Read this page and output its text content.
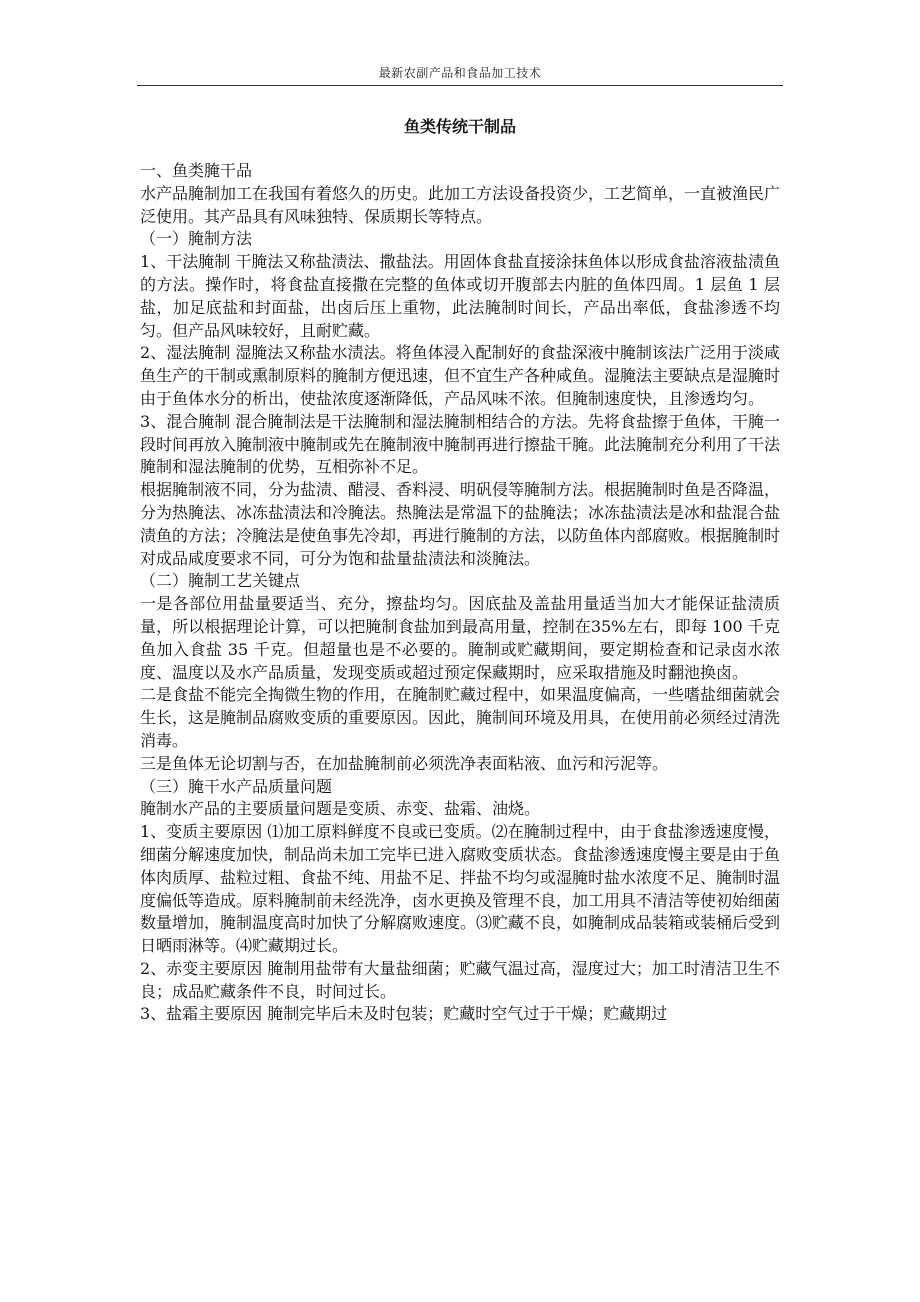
最新农副产品和食品加工技术
鱼类传统干制品

一、鱼类腌干品

水产品腌制加工在我国有着悠久的历史。此加工方法设备投资少，工艺简单，一直被渔民广泛使用。其产品具有风味独特、保质期长等特点。

（一）腌制方法

1、干法腌制 干腌法又称盐渍法、撒盐法。用固体食盐直接涂抹鱼体以形成食盐溶液盐渍鱼的方法。操作时，将食盐直接撒在完整的鱼体或切开腹部去内脏的鱼体四周。1 层鱼 1 层盐，加足底盐和封面盐，出卤后压上重物，此法腌制时间长，产品出率低，食盐渗透不均匀。但产品风味较好，且耐贮藏。

2、湿法腌制 湿腌法又称盐水渍法。将鱼体浸入配制好的食盐深液中腌制该法广泛用于淡咸鱼生产的干制或熏制原料的腌制方便迅速，但不宜生产各种咸鱼。湿腌法主要缺点是湿腌时由于鱼体水分的析出，使盐浓度逐渐降低，产品风味不浓。但腌制速度快，且渗透均匀。

3、混合腌制 混合腌制法是干法腌制和湿法腌制相结合的方法。先将食盐擦于鱼体，干腌一段时间再放入腌制液中腌制或先在腌制液中腌制再进行擦盐干腌。此法腌制充分利用了干法腌制和湿法腌制的优势，互相弥补不足。

根据腌制液不同，分为盐渍、醋浸、香料浸、明矾侵等腌制方法。根据腌制时鱼是否降温，分为热腌法、冰冻盐渍法和冷腌法。热腌法是常温下的盐腌法；冰冻盐渍法是冰和盐混合盐渍鱼的方法；冷腌法是使鱼事先冷却，再进行腌制的方法，以防鱼体内部腐败。根据腌制时对成品咸度要求不同，可分为饱和盐量盐渍法和淡腌法。

（二）腌制工艺关键点

一是各部位用盐量要适当、充分，擦盐均匀。因底盐及盖盐用量适当加大才能保证盐渍质量，所以根据理论计算，可以把腌制食盐加到最高用量，控制在35%左右，即每 100 千克鱼加入食盐 35 千克。但超量也是不必要的。腌制或贮藏期间，要定期检查和记录卤水浓度、温度以及水产品质量，发现变质或超过预定保藏期时，应采取措施及时翻池换卤。

二是食盐不能完全掏微生物的作用，在腌制贮藏过程中，如果温度偏高，一些嗜盐细菌就会生长，这是腌制品腐败变质的重要原因。因此，腌制间环境及用具，在使用前必须经过清洗消毒。

三是鱼体无论切割与否，在加盐腌制前必须洗净表面粘液、血污和污泥等。

（三）腌干水产品质量问题

腌制水产品的主要质量问题是变质、赤变、盐霜、油烧。

1、变质主要原因 ⑴加工原料鲜度不良或已变质。⑵在腌制过程中，由于食盐渗透速度慢，细菌分解速度加快，制品尚未加工完毕已进入腐败变质状态。食盐渗透速度慢主要是由于鱼体肉质厚、盐粒过粗、食盐不纯、用盐不足、拌盐不均匀或湿腌时盐水浓度不足、腌制时温度偏低等造成。原料腌制前未经洗净，卤水更换及管理不良，加工用具不清洁等使初始细菌数量增加，腌制温度高时加快了分解腐败速度。⑶贮藏不良，如腌制成品装箱或装桶后受到日晒雨淋等。⑷贮藏期过长。

2、赤变主要原因 腌制用盐带有大量盐细菌；贮藏气温过高，湿度过大；加工时清洁卫生不良；成品贮藏条件不良，时间过长。

3、盐霜主要原因 腌制完毕后未及时包装；贮藏时空气过于干燥；贮藏期过
